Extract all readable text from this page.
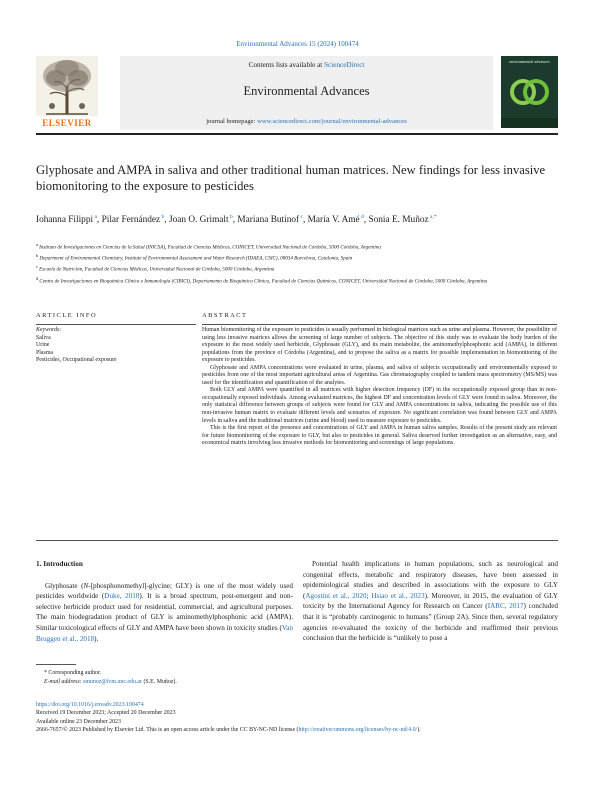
Environmental Advances 15 (2024) 100474
ELSEVIER
Contents lists available at ScienceDirect
Environmental Advances
journal homepage: www.sciencedirect.com/journal/environmental-advances
environmental advances
Glyphosate and AMPA in saliva and other traditional human matrices. New findings for less invasive biomonitoring to the exposure to pesticides
Iohanna Filippi $^a$, Pilar Fernández $^b$, Joan O. Grimalt $^b$, Mariana Butinof $^c$, María V. Amé $^d$, Sonia E. Muñoz $^{a,*}$
$^a$ Instituto de Investigaciones en Ciencias de la Salud (INICSA), Facultad de Ciencias Médicas, CONICET, Universidad Nacional de Córdoba, 5000 Córdoba, Argentina
$^b$ Department of Environmental Chemistry, Institute of Environmental Assessment and Water Research (IDAEA, CSIC), 08034 Barcelona, Catalonia, Spain
$^c$ Escuela de Nutrición, Facultad de Ciencias Médicas, Universidad Nacional de Córdoba, 5000 Córdoba, Argentina
$^d$ Centro de Investigaciones en Bioquímica Clínica e Inmunología (CIBICI), Departamento de Bioquímica Clínica, Facultad de Ciencias Químicas, CONICET, Universidad Nacional de Córdoba, 5000 Córdoba, Argentina
ARTICLE INFO
Keywords:
Saliva
Urine
Plasma
Pesticides, Occupational exposure
ABSTRACT

Human biomonitoring of the exposure to pesticides is usually performed in biological matrices such as urine and plasma. However, the possibility of using less invasive matrices allows the screening of large number of subjects. The objective of this study was to evaluate the body burden of the exposure to the most widely used herbicide, Glyphosate (GLY), and its main metabolite, the aminomethylphosphonic acid (AMPA), in different populations from the province of Córdoba (Argentina), and to propose the saliva as a matrix for possible implementation in biomonitoring of the exposure to pesticides.

Glyphosate and AMPA concentrations were evaluated in urine, plasma, and saliva of subjects occupationally and environmentally exposed to pesticides from one of the most important agricultural areas of Argentina. Gas chromatography coupled to tandem mass spectrometry (MS/MS) was used for the identification and quantification of the analytes.

Both GLY and AMPA were quantified in all matrices with higher detection frequency (DF) in the occupationally exposed group than in non-occupationally exposed individuals. Among evaluated matrices, the highest DF and concentration levels of GLY were found in saliva. Moreover, the only statistical difference between groups of subjects were found for GLY and AMPA concentrations in saliva, indicating the possible use of this non-invasive human matrix to evaluate different levels and scenarios of exposure. No significant correlation was found between GLY and AMPA levels in saliva and the traditional matrices (urine and blood) used to measure exposure to pesticides.

This is the first report of the presence and concentrations of GLY and AMPA in human saliva samples. Results of the present study are relevant for future biomonitoring of the exposure to GLY, but also to pesticides in general. Saliva deserved further investigation as an alternative, easy, and economical matrix involving less invasive methods for biomonitoring and screenings of large populations.

1. Introduction

Glyphosate (N-[phosphonomethyl]-glycine; GLY) is one of the most widely used pesticides worldwide (Duke, 2018). It is a broad spectrum, post-emergent and non-selective herbicide product used for residential, commercial, and agricultural purposes. The main biodegradation product of GLY is aminomethylphosphonic acid (AMPA). Similar toxicological effects of GLY and AMPA have been shown in toxicity studies (Van Bruggen et al., 2018).

Potential health implications in human populations, such as neurological and congenital effects, metabolic and respiratory diseases, have been assessed in epidemiological studies and described in associations with the exposure to GLY (Agostini et al., 2020; Hsiao et al., 2023). Moreover, in 2015, the evaluation of GLY toxicity by the International Agency for Research on Cancer (IARC, 2017) concluded that it is “probably carcinogenic to humans” (Group 2A). Since then, several regulatory agencies re-evaluated the toxicity of the herbicide and reaffirmed their previous conclusion that the herbicide is “unlikely to pose a

* Corresponding author.
E-mail address: smunoz@fcm.unc.edu.ar (S.E. Muñoz).
https://doi.org/10.1016/j.envadv.2023.100474
Received 19 December 2023; Accepted 20 December 2023
Available online 23 December 2023
2666-7657/© 2023 Published by Elsevier Ltd. This is an open access article under the CC BY-NC-ND license (http://creativecommons.org/licenses/by-nc-nd/4.0/).
